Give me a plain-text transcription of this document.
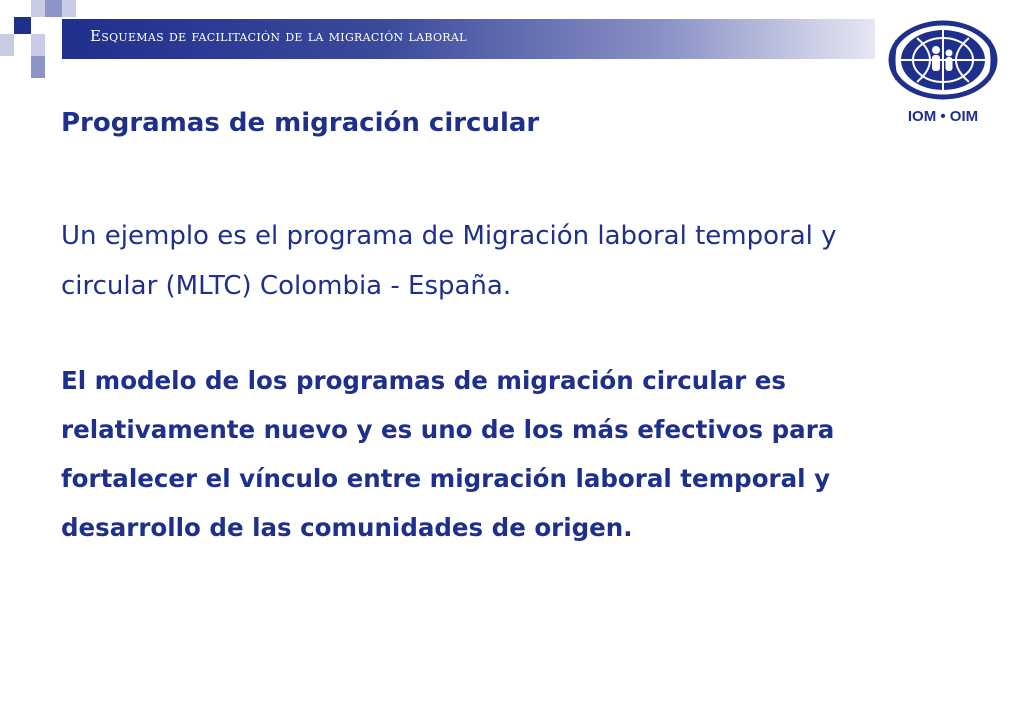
Esquemas de facilitación de la migración laboral
IOM • OIM
Programas de migración circular
Un ejemplo es el programa de Migración laboral temporal y circular (MLTC) Colombia - España.
El modelo de los programas de migración circular es relativamente nuevo y es uno de los más efectivos para fortalecer el vínculo entre migración laboral temporal y desarrollo de las comunidades de origen.
